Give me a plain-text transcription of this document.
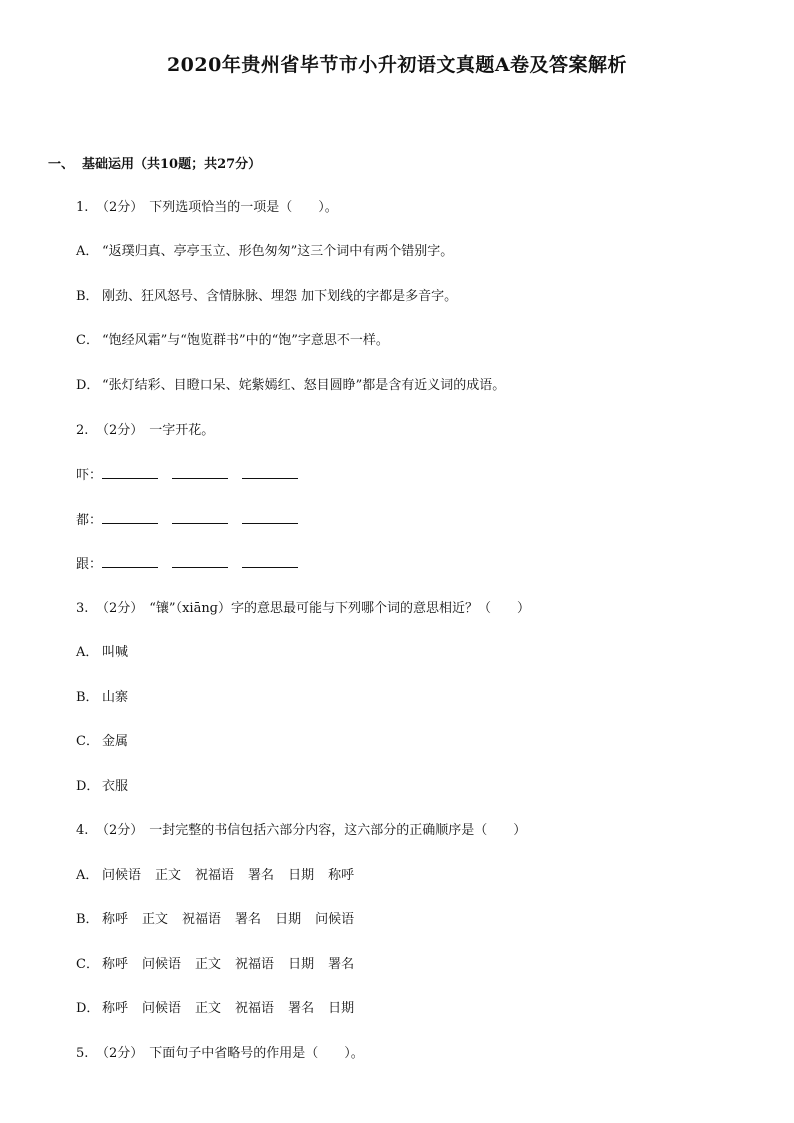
2020年贵州省毕节市小升初语文真题A卷及答案解析
一、 基础运用（共10题；共27分）
1. （2分） 下列选项恰当的一项是（　　）。
A． “返璞归真、亭亭玉立、形色匆匆”这三个词中有两个错别字。
B． 刚劲、狂风怒号、含情脉脉、埋怨 加下划线的字都是多音字。
C． “饱经风霜”与“饱览群书”中的“饱”字意思不一样。
D． “张灯结彩、目瞪口呆、姹紫嫣红、怒目圆睁”都是含有近义词的成语。
2. （2分） 一字开花。
吓：
都：
跟：
3. （2分） “镶”（xiānɡ）字的意思最可能与下列哪个词的意思相近？（　　）
A． 叫喊
B． 山寨
C． 金属
D． 衣服
4. （2分） 一封完整的书信包括六部分内容，这六部分的正确顺序是（　　）
A． 问候语 正文 祝福语 署名 日期 称呼
B． 称呼 正文 祝福语 署名 日期 问候语
C． 称呼 问候语 正文 祝福语 日期 署名
D． 称呼 问候语 正文 祝福语 署名 日期
5. （2分） 下面句子中省略号的作用是（　　）。
